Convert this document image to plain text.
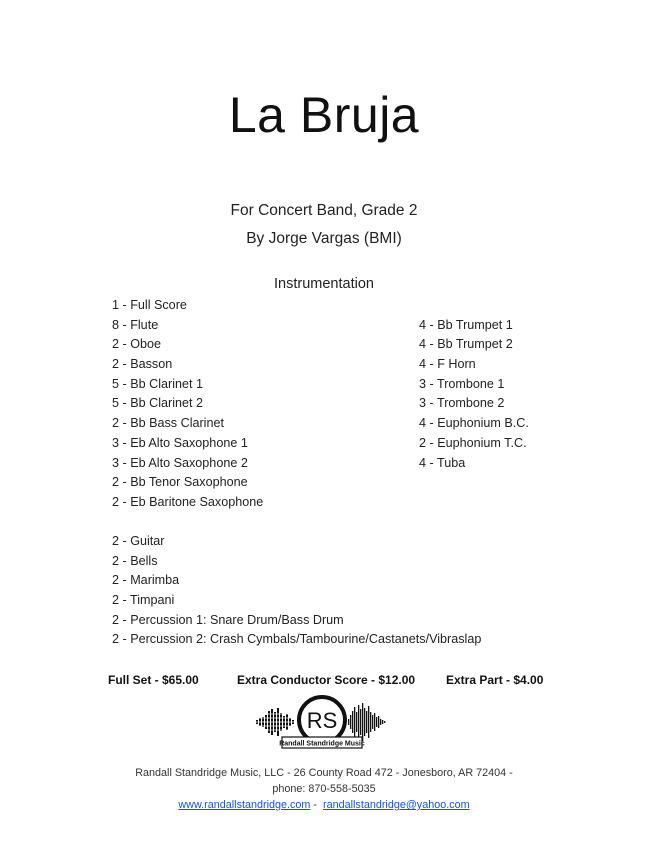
La Bruja
For Concert Band, Grade 2
By Jorge Vargas (BMI)
Instrumentation
1 - Full Score
8 - Flute
2 - Oboe
2 - Basson
5 - Bb Clarinet 1
5 - Bb Clarinet 2
2 - Bb Bass Clarinet
3 - Eb Alto Saxophone 1
3 - Eb Alto Saxophone 2
2 - Bb Tenor Saxophone
2 - Eb Baritone Saxophone
4 - Bb Trumpet 1
4 - Bb Trumpet 2
4 - F Horn
3 - Trombone 1
3 - Trombone 2
4 - Euphonium B.C.
2 - Euphonium T.C.
4 - Tuba
2 - Guitar
2 - Bells
2 - Marimba
2 - Timpani
2 - Percussion 1: Snare Drum/Bass Drum
2 - Percussion 2: Crash Cymbals/Tambourine/Castanets/Vibraslap
Full Set - $65.00	Extra Conductor Score - $12.00	Extra Part - $4.00
RS
Randall Standridge Music
Randall Standridge Music, LLC - 26 County Road 472 - Jonesboro, AR 72404 -
phone: 870-558-5035
www.randallstandridge.com -  randallstandridge@yahoo.com
